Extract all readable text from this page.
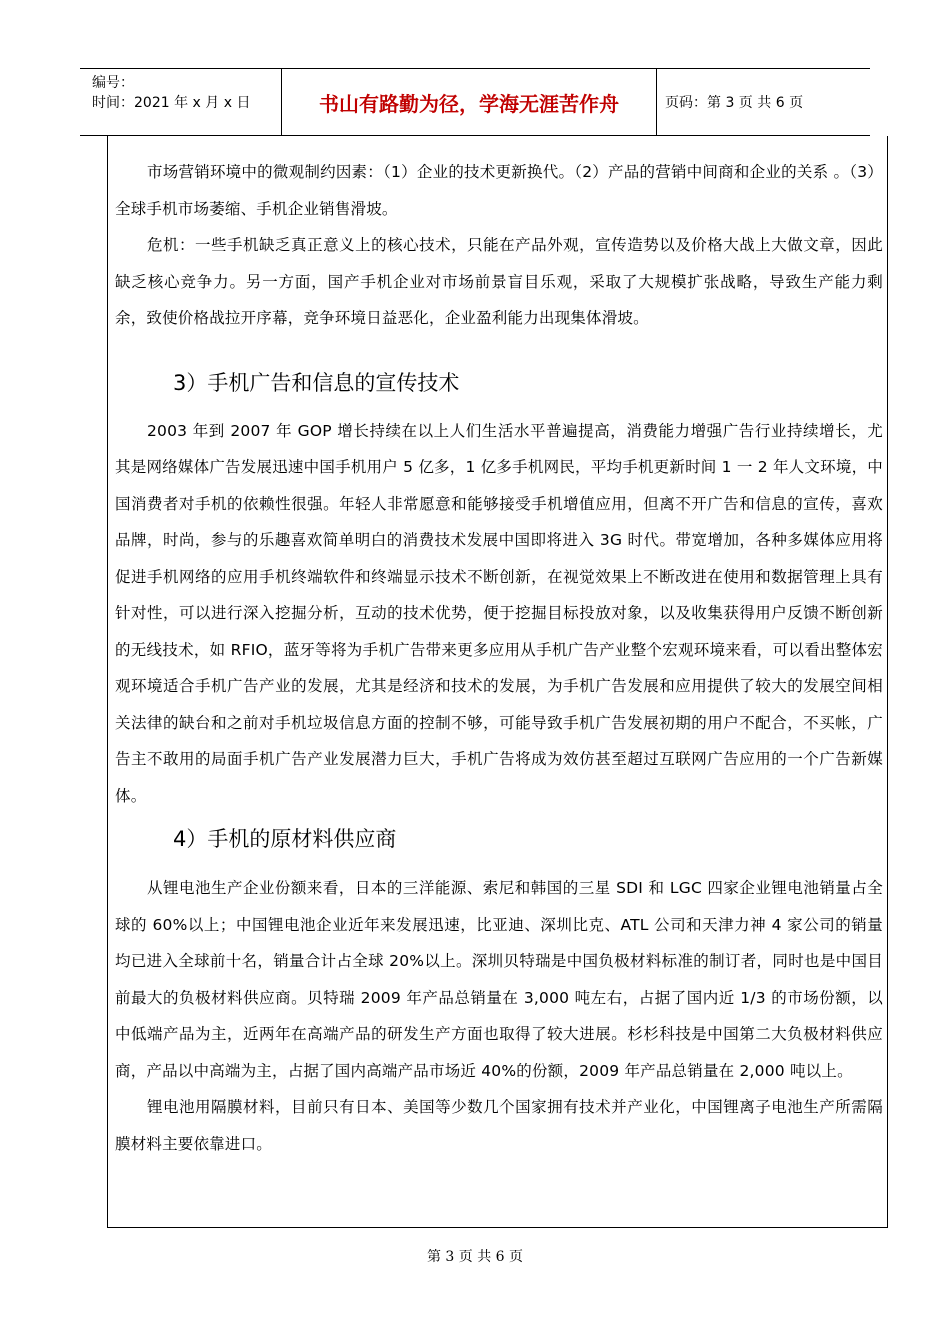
编号：
时间：2021 年 x 月 x 日	书山有路勤为径，学海无涯苦作舟	页码：第 3 页 共 6 页

市场营销环境中的微观制约因素：（1）企业的技术更新换代。（2）产品的营销中间商和企业的关系 。（3）全球手机市场萎缩、手机企业销售滑坡。

危机：一些手机缺乏真正意义上的核心技术，只能在产品外观，宣传造势以及价格大战上大做文章，因此缺乏核心竞争力。另一方面，国产手机企业对市场前景盲目乐观，采取了大规模扩张战略，导致生产能力剩余，致使价格战拉开序幕，竞争环境日益恶化，企业盈利能力出现集体滑坡。

3）手机广告和信息的宣传技术

2003 年到 2007 年 GOP 增长持续在以上人们生活水平普遍提高，消费能力增强广告行业持续增长，尤其是网络媒体广告发展迅速中国手机用户 5 亿多，1 亿多手机网民，平均手机更新时间 1 一 2 年人文环境，中国消费者对手机的依赖性很强。年轻人非常愿意和能够接受手机增值应用，但离不开广告和信息的宣传，喜欢品牌，时尚，参与的乐趣喜欢简单明白的消费技术发展中国即将进入 3G 时代。带宽增加，各种多媒体应用将促进手机网络的应用手机终端软件和终端显示技术不断创新，在视觉效果上不断改进在使用和数据管理上具有针对性，可以进行深入挖掘分析，互动的技术优势，便于挖掘目标投放对象，以及收集获得用户反馈不断创新的无线技术，如 RFIO，蓝牙等将为手机广告带来更多应用从手机广告产业整个宏观环境来看，可以看出整体宏观环境适合手机广告产业的发展，尤其是经济和技术的发展，为手机广告发展和应用提供了较大的发展空间相关法律的缺台和之前对手机垃圾信息方面的控制不够，可能导致手机广告发展初期的用户不配合，不买帐，广告主不敢用的局面手机广告产业发展潜力巨大，手机广告将成为效仿甚至超过互联网广告应用的一个广告新媒体。

4）手机的原材料供应商

从锂电池生产企业份额来看，日本的三洋能源、索尼和韩国的三星 SDI 和 LGC 四家企业锂电池销量占全球的 60%以上；中国锂电池企业近年来发展迅速，比亚迪、深圳比克、ATL 公司和天津力神 4 家公司的销量均已进入全球前十名，销量合计占全球 20%以上。深圳贝特瑞是中国负极材料标准的制订者，同时也是中国目前最大的负极材料供应商。贝特瑞 2009 年产品总销量在 3,000 吨左右，占据了国内近 1/3 的市场份额，以中低端产品为主，近两年在高端产品的研发生产方面也取得了较大进展。杉杉科技是中国第二大负极材料供应商，产品以中高端为主，占据了国内高端产品市场近 40%的份额，2009 年产品总销量在 2,000 吨以上。

锂电池用隔膜材料，目前只有日本、美国等少数几个国家拥有技术并产业化，中国锂离子电池生产所需隔膜材料主要依靠进口。

第 3 页 共 6 页
